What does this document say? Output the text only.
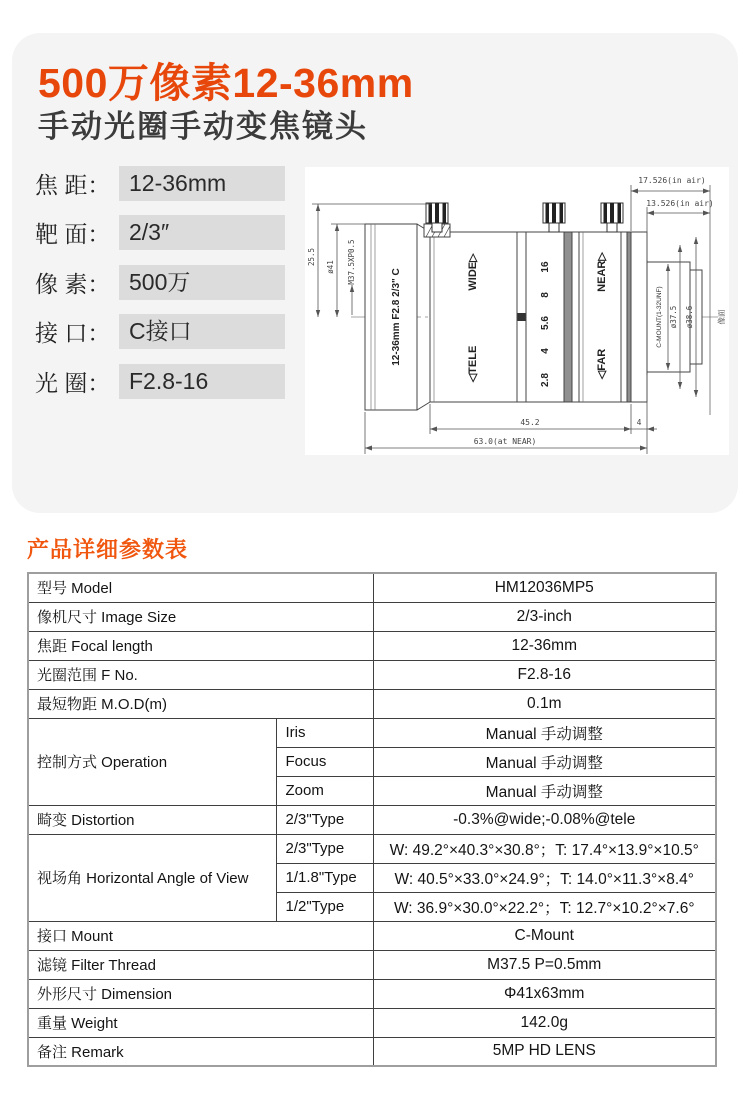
500万像素12-36mm
手动光圈手动变焦镜头
焦 距： 12-36mm
靶 面： 2/3″
像 素： 500万
接 口： C接口
光 圈： F2.8-16
12-36mm F2.8 2/3" C	WIDE▷
◁TELE
16
8
5.6
4
2.8
NEAR▷
◁FAR
C-MOUNT(1-32UNF)	像面
17.526(in air)
13.526(in air)
25.5
ø41 M37.5XP0.5
ø37.5 ø38.6
45.2	4
63.0(at NEAR)
产品详细参数表
型号 Model		HM12036MP5
像机尺寸 Image Size		2/3-inch
焦距 Focal length		12-36mm
光圈范围 F No.		F2.8-16
最短物距 M.O.D(m)		0.1m
控制方式 Operation	Iris	Manual 手动调整
	Focus	Manual 手动调整
	Zoom	Manual 手动调整
畸变 Distortion	2/3"Type	-0.3%@wide;-0.08%@tele
视场角 Horizontal Angle of View	2/3"Type	W: 49.2°×40.3°×30.8°；T: 17.4°×13.9°×10.5°
	1/1.8"Type	W: 40.5°×33.0°×24.9°；T: 14.0°×11.3°×8.4°
	1/2"Type	W: 36.9°×30.0°×22.2°；T: 12.7°×10.2°×7.6°
接口 Mount		C-Mount
滤镜 Filter Thread		M37.5 P=0.5mm
外形尺寸 Dimension		Φ41x63mm
重量 Weight		142.0g
备注 Remark		5MP HD LENS
